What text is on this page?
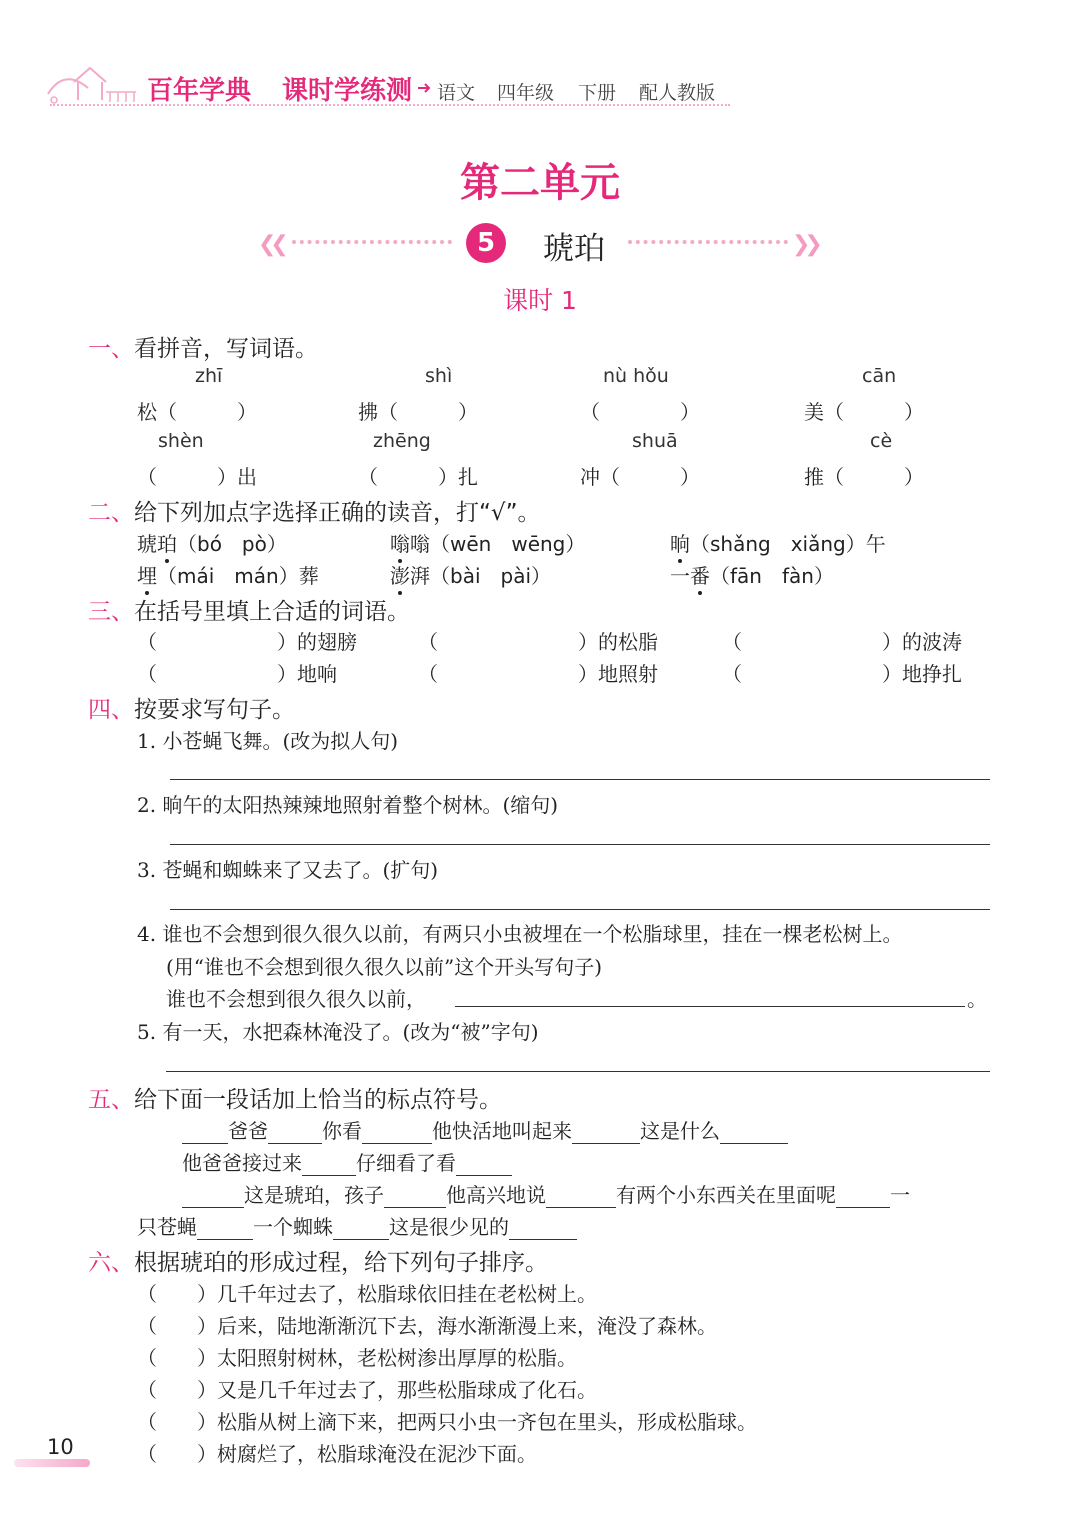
百年学典 课时学练测 语文 四年级 下册 配人教版
第二单元
❮❮	5	琥珀	❯❯
课时 1
一、看拼音，写词语。
zhī	shì	nù hǒu	cān
松（　　　）	拂（　　　）	（　　　　）	美（　　　）
shèn	zhēng	shuā	cè
（　　　）出	（　　　）扎	冲（　　　）	推（　　　）
二、给下列加点字选择正确的读音，打“√”。
琥珀（bó　pò）	嗡嗡（wēn　wēng）	晌（shǎng　xiǎng）午
埋（mái　mán）葬	澎湃（bài　pài）	一番（fān　fàn）
三、在括号里填上合适的词语。
（　　　　　　）的翅膀	（　　　　　　　）的松脂	（　　　　　　　）的波涛
（　　　　　　）地响	（　　　　　　　）地照射	（　　　　　　　）地挣扎
四、按要求写句子。
1. 小苍蝇飞舞。(改为拟人句)
2. 晌午的太阳热辣辣地照射着整个树林。(缩句)
3. 苍蝇和蜘蛛来了又去了。(扩句)
4. 谁也不会想到很久很久以前，有两只小虫被埋在一个松脂球里，挂在一棵老松树上。
(用“谁也不会想到很久很久以前”这个开头写句子)
谁也不会想到很久很久以前，	。
5. 有一天，水把森林淹没了。(改为“被”字句)
五、给下面一段话加上恰当的标点符号。
爸爸	你看	他快活地叫起来	这是什么
他爸爸接过来	仔细看了看
这是琥珀，孩子	他高兴地说	有两个小东西关在里面呢	一
只苍蝇	一个蜘蛛	这是很少见的
六、根据琥珀的形成过程，给下列句子排序。
（　　）几千年过去了，松脂球依旧挂在老松树上。
（　　）后来，陆地渐渐沉下去，海水渐渐漫上来，淹没了森林。
（　　）太阳照射树林，老松树渗出厚厚的松脂。
（　　）又是几千年过去了，那些松脂球成了化石。
（　　）松脂从树上滴下来，把两只小虫一齐包在里头，形成松脂球。
（　　）树腐烂了，松脂球淹没在泥沙下面。
10
